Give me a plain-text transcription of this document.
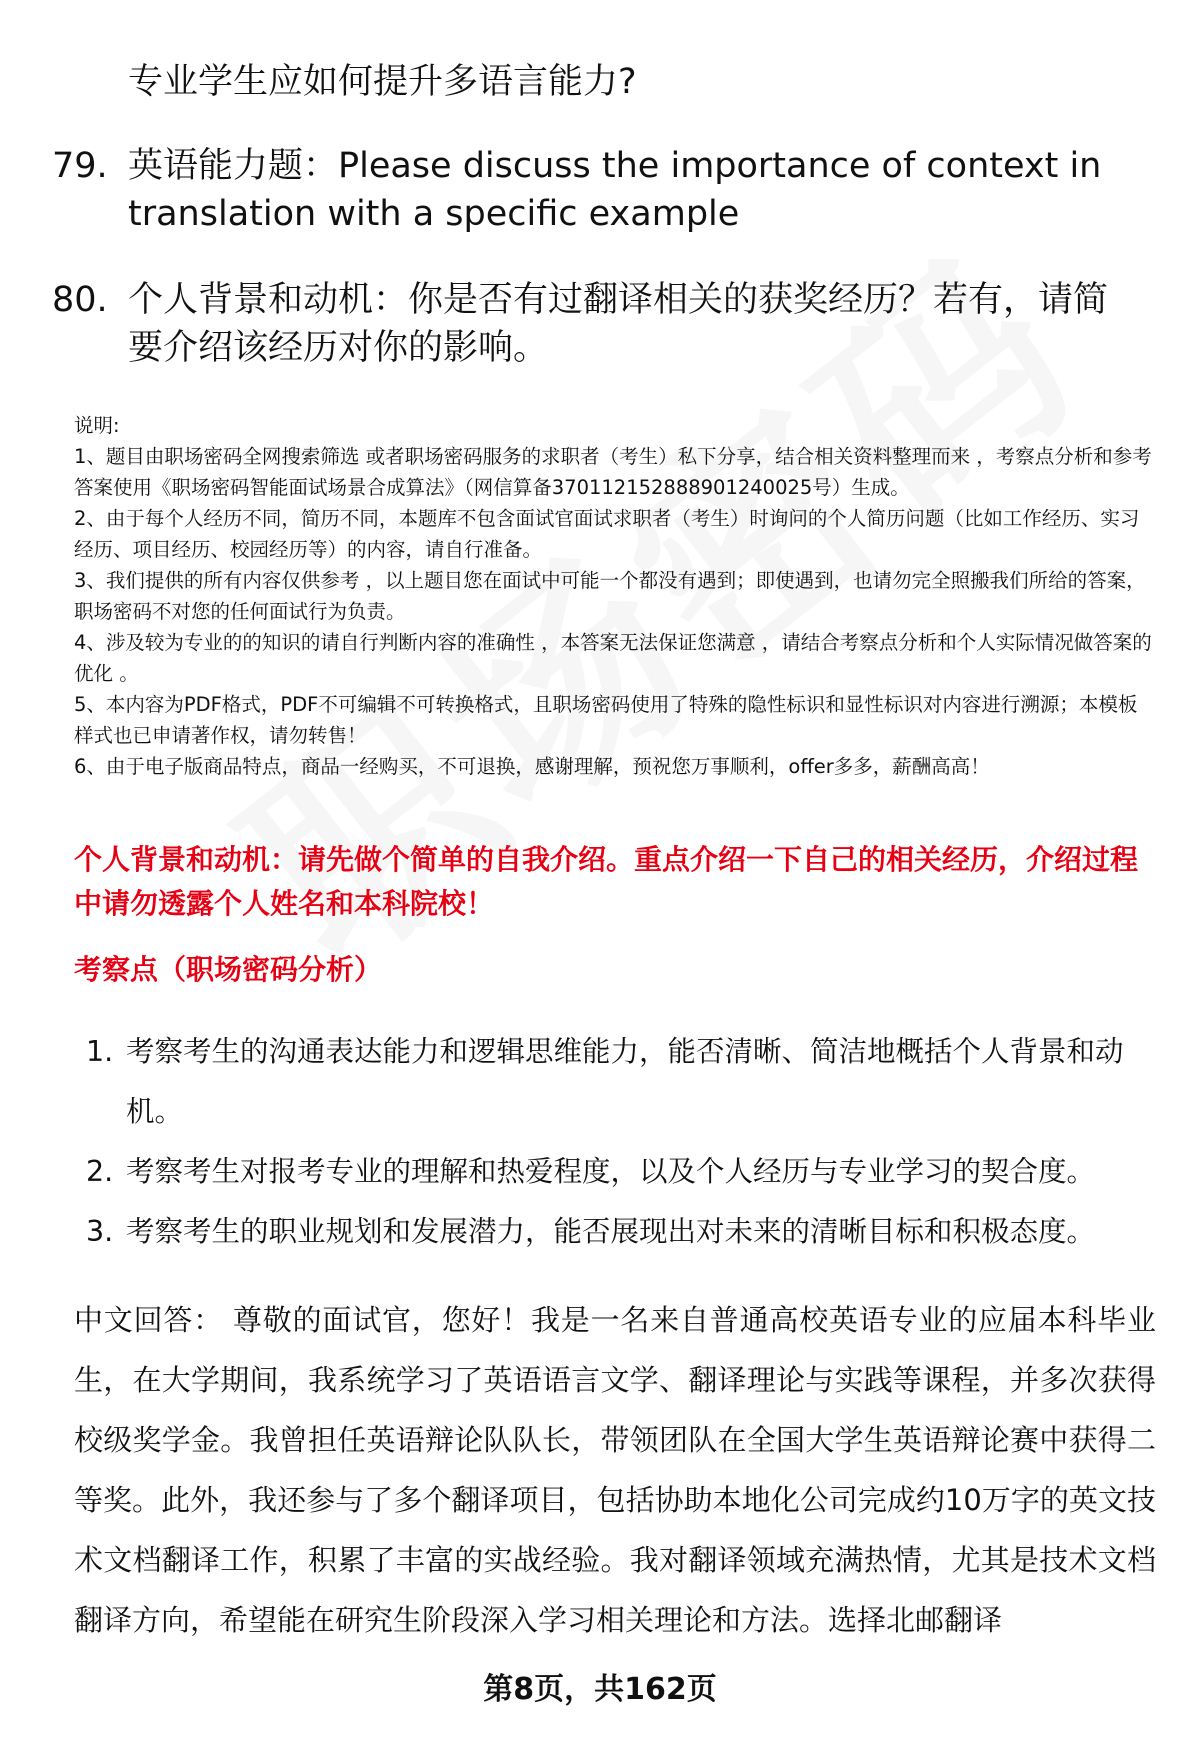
专业学生应如何提升多语言能力?
79. 英语能力题：Please discuss the importance of context in translation with a specific example
80. 个人背景和动机：你是否有过翻译相关的获奖经历？若有，请简要介绍该经历对你的影响。
说明:
1、题目由职场密码全网搜索筛选 或者职场密码服务的求职者（考生）私下分享，结合相关资料整理而来 ，考察点分析和参考答案使用《职场密码智能面试场景合成算法》（网信算备370112152888901240025号）生成。
2、由于每个人经历不同，简历不同，本题库不包含面试官面试求职者（考生）时询问的个人简历问题（比如工作经历、实习经历、项目经历、校园经历等）的内容，请自行准备。
3、我们提供的所有内容仅供参考 ，以上题目您在面试中可能一个都没有遇到；即使遇到，也请勿完全照搬我们所给的答案，职场密码不对您的任何面试行为负责。
4、涉及较为专业的的知识的请自行判断内容的准确性 ，本答案无法保证您满意 ，请结合考察点分析和个人实际情况做答案的优化 。
5、本内容为PDF格式，PDF不可编辑不可转换格式，且职场密码使用了特殊的隐性标识和显性标识对内容进行溯源；本模板样式也已申请著作权，请勿转售！
6、由于电子版商品特点，商品一经购买，不可退换，感谢理解，预祝您万事顺利，offer多多，薪酬高高！
个人背景和动机：请先做个简单的自我介绍。重点介绍一下自己的相关经历，介绍过程中请勿透露个人姓名和本科院校！
考察点（职场密码分析）
1. 考察考生的沟通表达能力和逻辑思维能力，能否清晰、简洁地概括个人背景和动机。
2. 考察考生对报考专业的理解和热爱程度，以及个人经历与专业学习的契合度。
3. 考察考生的职业规划和发展潜力，能否展现出对未来的清晰目标和积极态度。
中文回答： 尊敬的面试官，您好！我是一名来自普通高校英语专业的应届本科毕业生，在大学期间，我系统学习了英语语言文学、翻译理论与实践等课程，并多次获得校级奖学金。我曾担任英语辩论队队长，带领团队在全国大学生英语辩论赛中获得二等奖。此外，我还参与了多个翻译项目，包括协助本地化公司完成约10万字的英文技术文档翻译工作，积累了丰富的实战经验。我对翻译领域充满热情，尤其是技术文档翻译方向，希望能在研究生阶段深入学习相关理论和方法。选择北邮翻译
第8页，共162页
